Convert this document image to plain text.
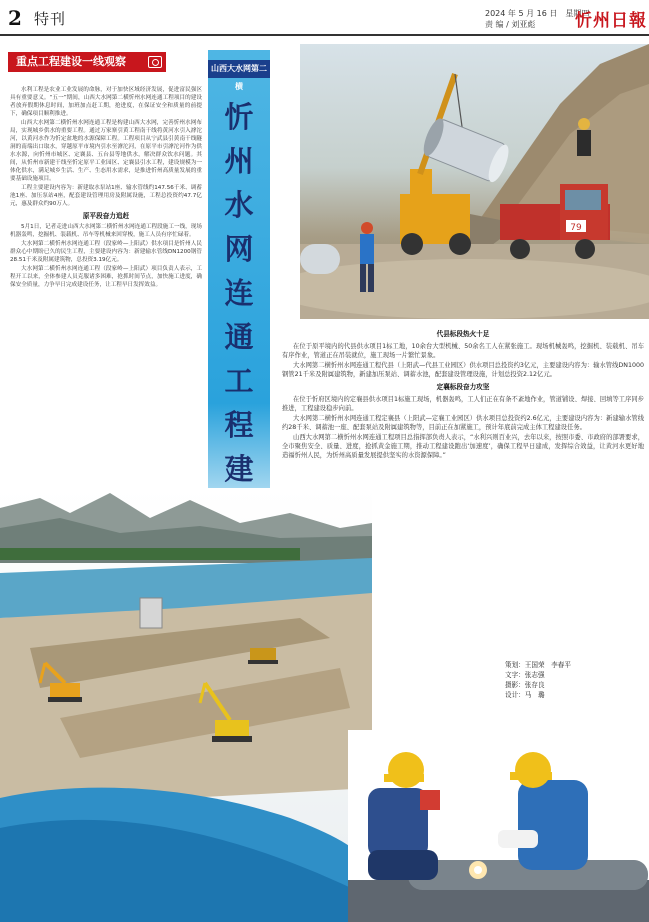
2 特刊	2024 年 5 月 16 日　星期四
责 编 / 刘亚彪 忻州日報
重点工程建设一线观察

水利工程是农业工业发展的命脉，对于加快区域经济发展，促进富民强区具有重要意义。“五一”期间，山西大水网第二横忻州水网连通工程项目的建设者放弃假期休息时间，加班加点赶工期，抢进度，在保证安全和质量的前提下，确保项目顺利推进。

山西大水网第二横忻州水网连通工程是构建山西大水网，完善忻州水网布局，实现城乡供水的重要工程。通过万家寨引黄工程南干线将黄河水引入滹沱河，以黄河水作为忻定盆地的水源保障工程。工程项目从宁武县引黄南干线隧洞的南端出口取水，穿越原平市境内引水至滹沱河，在原平市引滹沱河作为供水水源，向忻州市城区、定襄县、五台县等地供水，解决群众饮水问题。其间，从忻州市新建干线至忻定原平工业园区、定襄县引水工程，建设规模为一体化供水，满足城乡生活、生产、生态用水需求，是推进忻州高质量发展的重要基础设施项目。

工程主要建设内容为：新建取水泵站1座、输水管线约147.56千米、调蓄池1座、加压泵站4座，配套建设管理用房及附属设施，工程总投资约47.7亿元，惠及群众约90万人。

原平段奋力追赶

5月1日，记者走进山西大水网第二横忻州水网连通工程段施工一线，现场机器轰鸣，挖掘机、装载机、吊车等机械来回穿梭，施工人员有序忙碌着。

大水网第二横忻州水网连通工程（段家岭—上阳武）供水项目是忻州人民群众心中期盼已久的民生工程，主要建设内容为：新建输水管线DN1200钢管28.51千米及附属建筑物，总投资3.19亿元。

大水网第二横忻州水网连通工程（段家岭—上阳武）项目负责人表示，工程开工以来，全体参建人员克服诸多困难，抢抓时间节点，加快施工进度，确保安全质量，力争早日完成建设任务，让工程早日发挥效益。

山西大水网第二横
忻州水网连通工程建
79
代县标段热火十足

在位于原平境内的代县供水项目1标工地，10余台大型机械、50余名工人在紧张施工。现场机械轰鸣，挖掘机、装载机、吊车有序作业，管道正在吊装就位，施工现场一片繁忙景象。

大水网第二横忻州水网连通工程代县（上阳武—代县工业园区）供水项目总投资约3亿元，主要建设内容为：输水管线DN1000钢管21千米及附属建筑物，新建加压泵站、调蓄水池，配套建设管理设施，计划总投资2.12亿元。

定襄标段奋力攻坚

在位于忻府区境内的定襄县供水项目1标施工现场，机器轰鸣，工人们正在有条不紊地作业，管道铺设、焊接、回填等工序同步推进，工程建设稳步向前。

大水网第二横忻州水网连通工程定襄县（上阳武—定襄工业园区）供水项目总投资约2.6亿元，主要建设内容为：新建输水管线约28千米、调蓄池一座、配套泵站及附属建筑物等，目前正在加紧施工，预计年底前完成主体工程建设任务。

山西大水网第二横忻州水网连通工程项目总指挥部负责人表示，“水利兴则百业兴，去年以来，按照市委、市政府的部署要求，全市聚焦安全、质量、进度，抢抓黄金施工期，推动工程建设跑出‘加速度’，确保工程早日建成，发挥综合效益，让黄河水更好地造福忻州人民，为忻州高质量发展提供坚实的水资源保障。”

策划：王国荣　李春平
文字：张志强
摄影：张存良
设计：马　璐
